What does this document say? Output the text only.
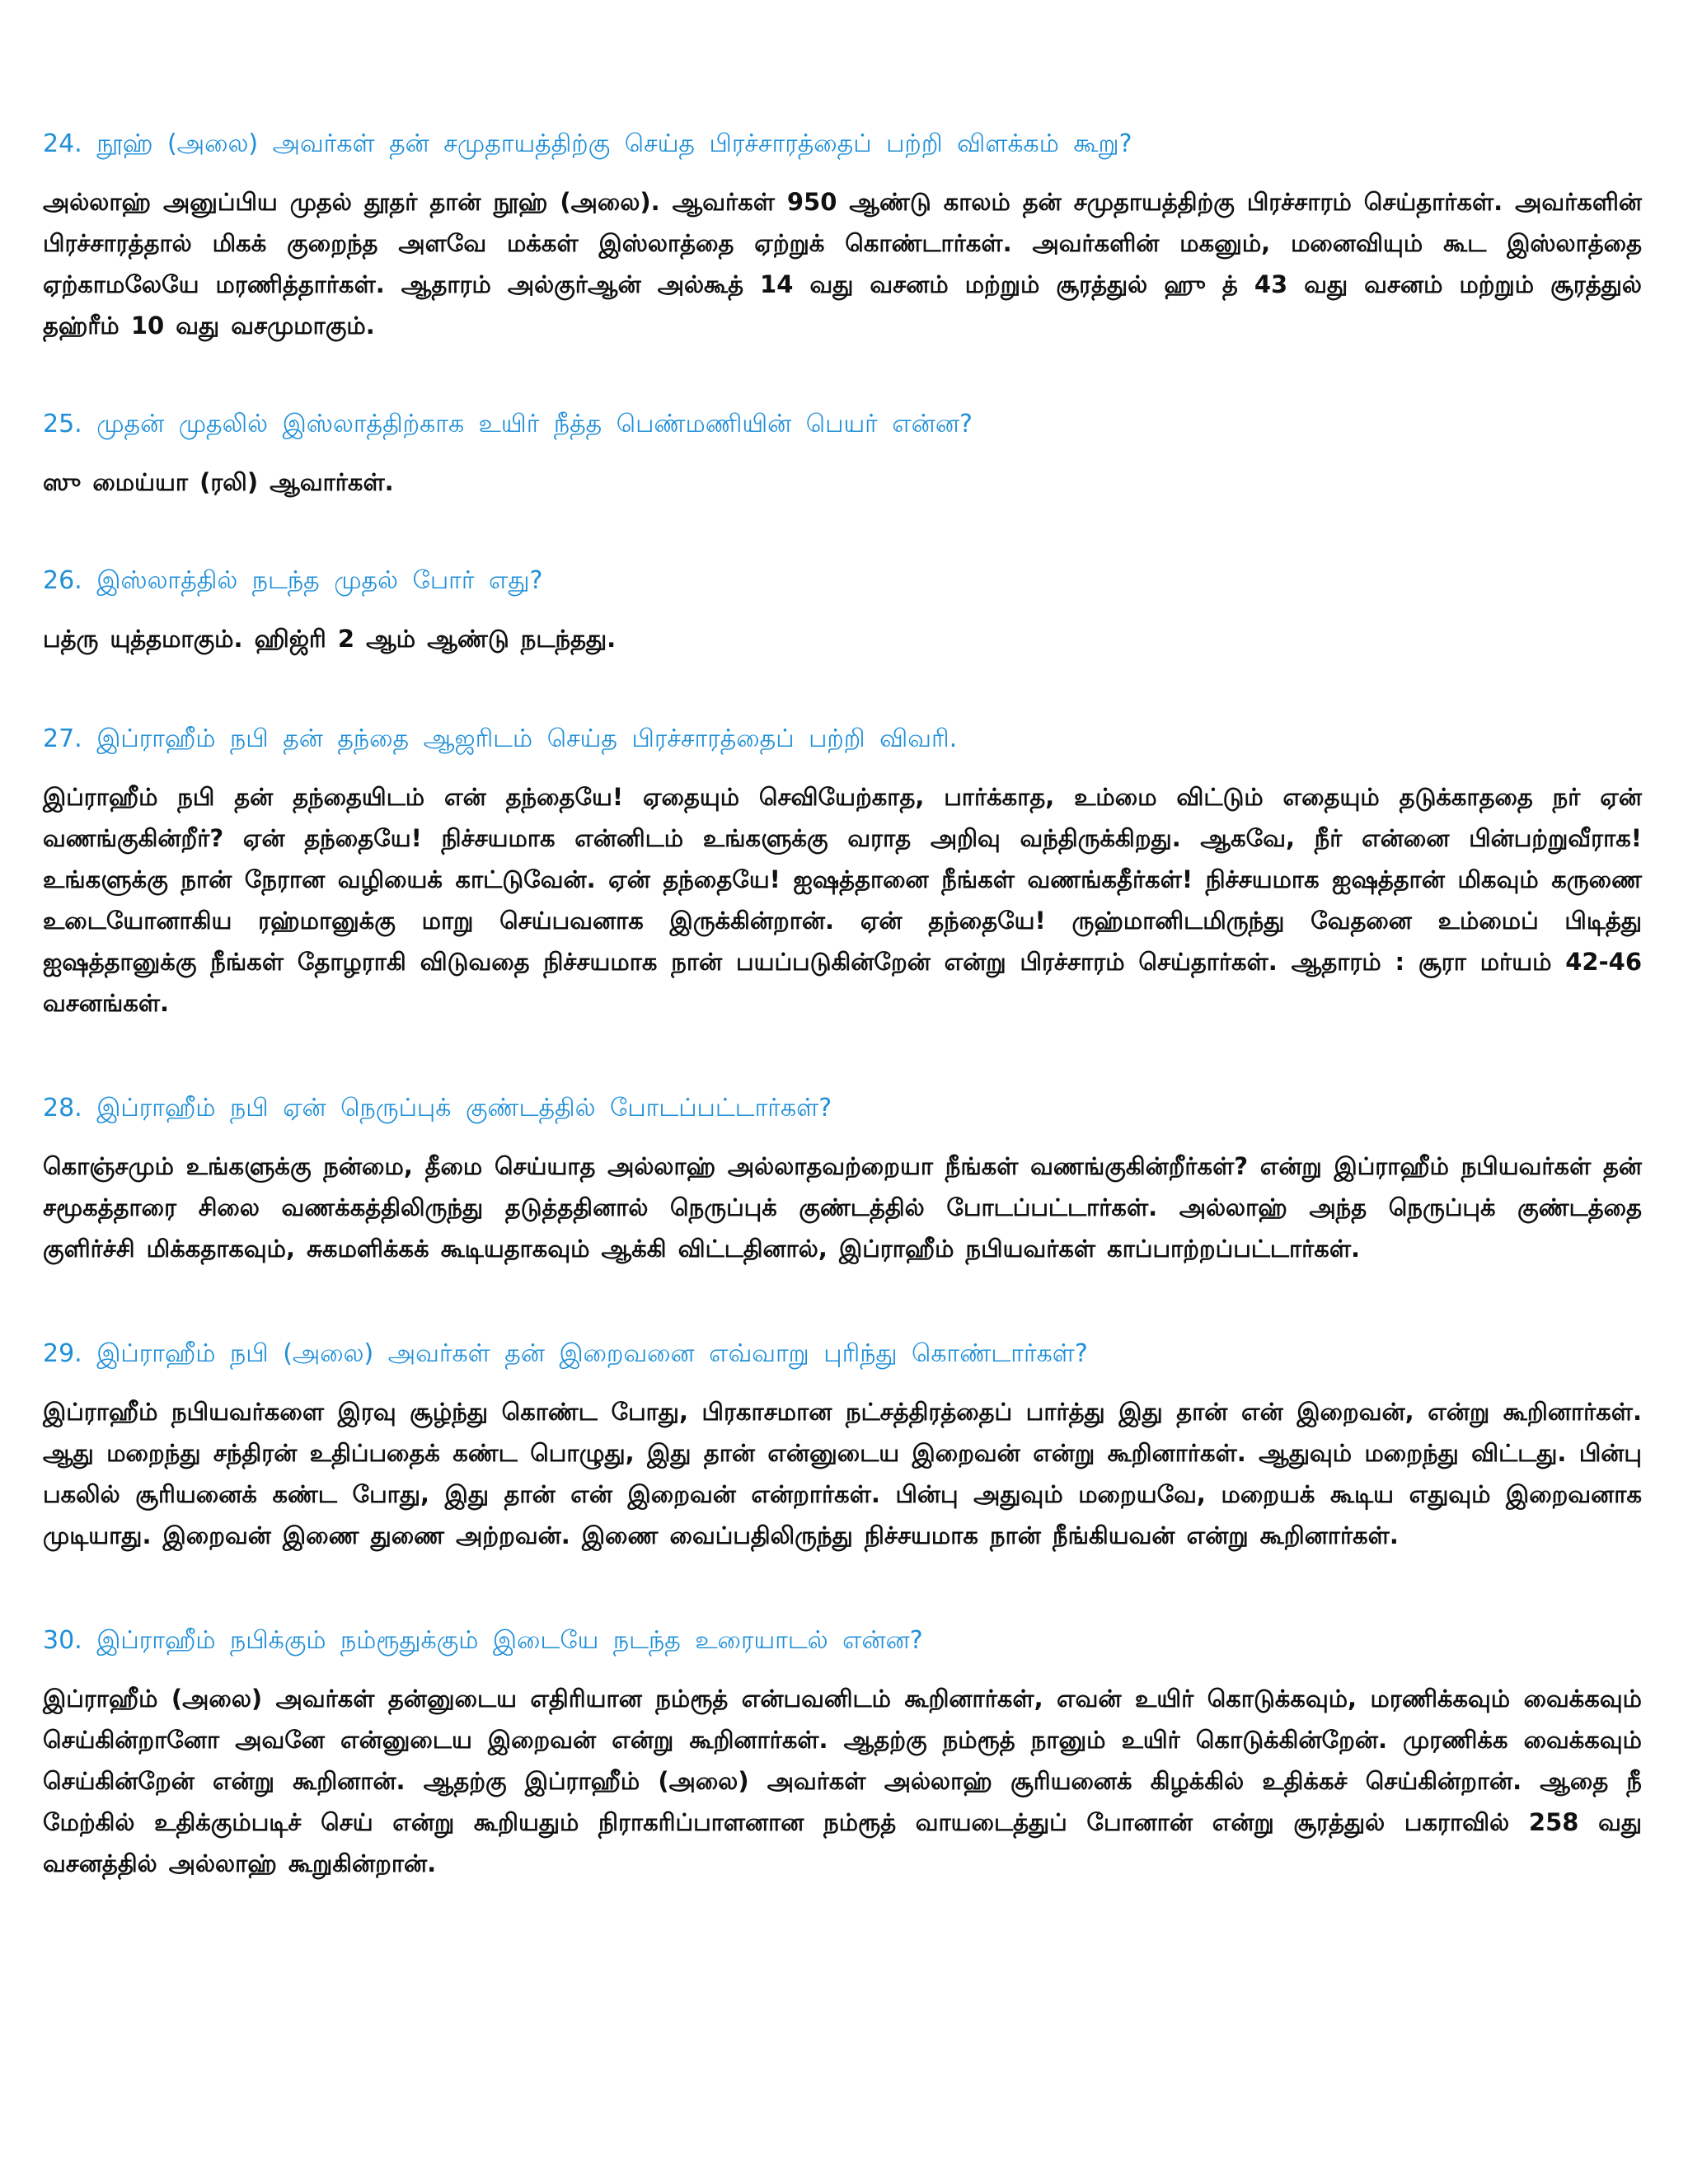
24. நூஹ் (அலை) அவர்கள் தன் சமுதாயத்திற்கு செய்த பிரச்சாரத்தைப் பற்றி விளக்கம் கூறு?

அல்லாஹ் அனுப்பிய முதல் தூதர் தான் நூஹ் (அலை). ஆவர்கள் 950 ஆண்டு காலம் தன் சமுதாயத்திற்கு பிரச்சாரம் செய்தார்கள். அவர்களின் பிரச்சாரத்தால் மிகக் குறைந்த அளவே மக்கள் இஸ்லாத்தை ஏற்றுக் கொண்டார்கள். அவர்களின் மகனும், மனைவியும் கூட இஸ்லாத்தை ஏற்காமலேயே மரணித்தார்கள். ஆதாரம் அல்குர்ஆன் அல்கூத் 14 வது வசனம் மற்றும் சூரத்துல் ஹு த் 43 வது வசனம் மற்றும் சூரத்துல் தஹ்ரீம் 10 வது வசமுமாகும்.

25. முதன் முதலில் இஸ்லாத்திற்காக உயிர் நீத்த பெண்மணியின் பெயர் என்ன?

ஸு மைய்யா (ரலி) ஆவார்கள்.

26. இஸ்லாத்தில் நடந்த முதல் போர் எது?

பத்ரு யுத்தமாகும். ஹிஜ்ரி 2 ஆம் ஆண்டு நடந்தது.

27. இப்ராஹீம் நபி தன் தந்தை ஆஜரிடம் செய்த பிரச்சாரத்தைப் பற்றி விவரி.

இப்ராஹீம் நபி தன் தந்தையிடம் என் தந்தையே! ஏதையும் செவியேற்காத, பார்க்காத, உம்மை விட்டும் எதையும் தடுக்காததை நர் ஏன் வணங்குகின்றீர்? ஏன் தந்தையே! நிச்சயமாக என்னிடம் உங்களுக்கு வராத அறிவு வந்திருக்கிறது. ஆகவே, நீர் என்னை பின்பற்றுவீராக! உங்களுக்கு நான் நேரான வழியைக் காட்டுவேன். ஏன் தந்தையே! ஐஷத்தானை நீங்கள் வணங்கதீர்கள்! நிச்சயமாக ஐஷத்தான் மிகவும் கருணை உடையோனாகிய ரஹ்மானுக்கு மாறு செய்பவனாக இருக்கின்றான். ஏன் தந்தையே! ருஹ்மானிடமிருந்து வேதனை உம்மைப் பிடித்து ஐஷத்தானுக்கு நீங்கள் தோழராகி விடுவதை நிச்சயமாக நான் பயப்படுகின்றேன் என்று பிரச்சாரம் செய்தார்கள். ஆதாரம் : சூரா மர்யம் 42-46 வசனங்கள்.

28. இப்ராஹீம் நபி ஏன் நெருப்புக் குண்டத்தில் போடப்பட்டார்கள்?

கொஞ்சமும் உங்களுக்கு நன்மை, தீமை செய்யாத அல்லாஹ் அல்லாதவற்றையா நீங்கள் வணங்குகின்றீர்கள்? என்று இப்ராஹீம் நபியவர்கள் தன் சமூகத்தாரை சிலை வணக்கத்திலிருந்து தடுத்ததினால் நெருப்புக் குண்டத்தில் போடப்பட்டார்கள். அல்லாஹ் அந்த நெருப்புக் குண்டத்தை குளிர்ச்சி மிக்கதாகவும், சுகமளிக்கக் கூடியதாகவும் ஆக்கி விட்டதினால், இப்ராஹீம் நபியவர்கள் காப்பாற்றப்பட்டார்கள்.

29. இப்ராஹீம் நபி (அலை) அவர்கள் தன் இறைவனை எவ்வாறு புரிந்து கொண்டார்கள்?

இப்ராஹீம் நபியவர்களை இரவு சூழ்ந்து கொண்ட போது, பிரகாசமான நட்சத்திரத்தைப் பார்த்து இது தான் என் இறைவன், என்று கூறினார்கள். ஆது மறைந்து சந்திரன் உதிப்பதைக் கண்ட பொழுது, இது தான் என்னுடைய இறைவன் என்று கூறினார்கள். ஆதுவும் மறைந்து விட்டது. பின்பு பகலில் சூரியனைக் கண்ட போது, இது தான் என் இறைவன் என்றார்கள். பின்பு அதுவும் மறையவே, மறையக் கூடிய எதுவும் இறைவனாக முடியாது. இறைவன் இணை துணை அற்றவன். இணை வைப்பதிலிருந்து நிச்சயமாக நான் நீங்கியவன் என்று கூறினார்கள்.

30. இப்ராஹீம் நபிக்கும் நம்ரூதுக்கும் இடையே நடந்த உரையாடல் என்ன?

இப்ராஹீம் (அலை) அவர்கள் தன்னுடைய எதிரியான நம்ரூத் என்பவனிடம் கூறினார்கள், எவன் உயிர் கொடுக்கவும், மரணிக்கவும் வைக்கவும் செய்கின்றானோ அவனே என்னுடைய இறைவன் என்று கூறினார்கள். ஆதற்கு நம்ரூத் நானும் உயிர் கொடுக்கின்றேன். முரணிக்க வைக்கவும் செய்கின்றேன் என்று கூறினான். ஆதற்கு இப்ராஹீம் (அலை) அவர்கள் அல்லாஹ் சூரியனைக் கிழக்கில் உதிக்கச் செய்கின்றான். ஆதை நீ மேற்கில் உதிக்கும்படிச் செய் என்று கூறியதும் நிராகரிப்பாளனான நம்ரூத் வாயடைத்துப் போனான் என்று சூரத்துல் பகராவில் 258 வது வசனத்தில் அல்லாஹ் கூறுகின்றான்.
